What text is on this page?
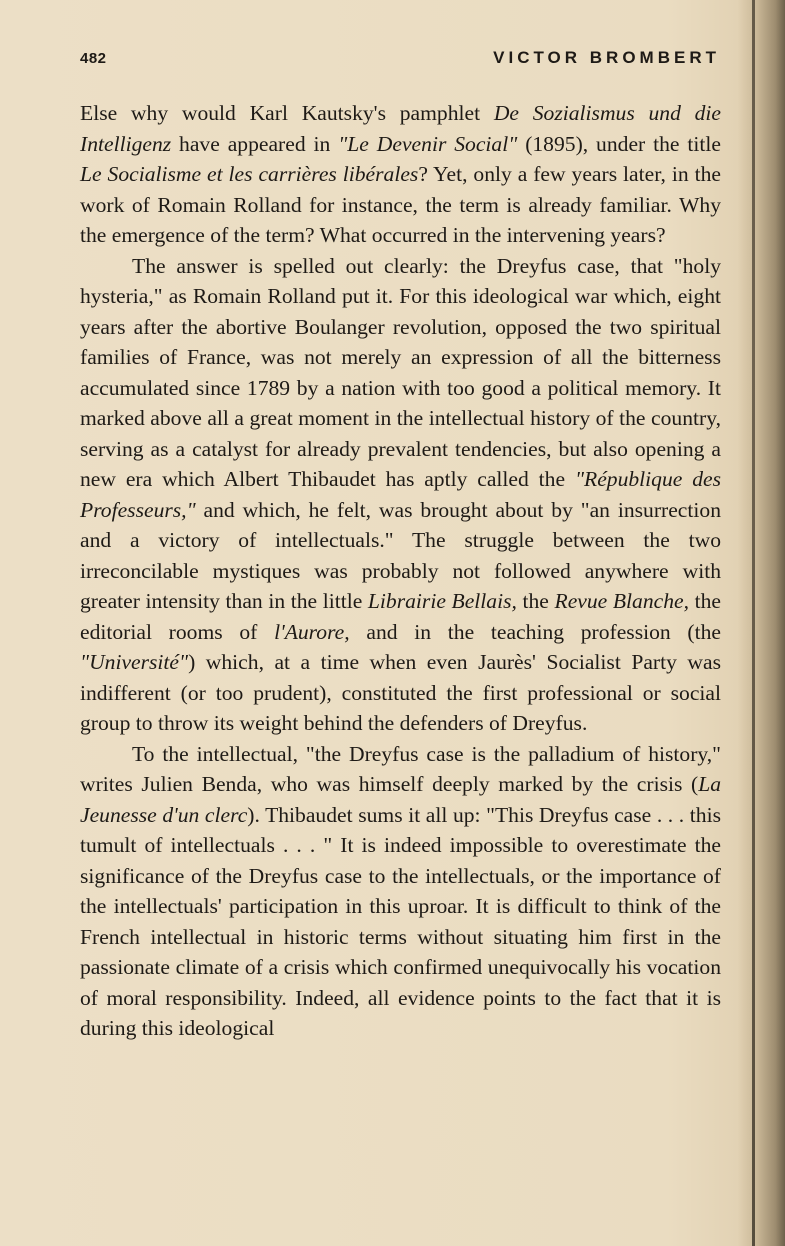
482	VICTOR BROMBERT

Else why would Karl Kautsky's pamphlet De Sozialismus und die Intelligenz have appeared in "Le Devenir Social" (1895), under the title Le Socialisme et les carrières libérales? Yet, only a few years later, in the work of Romain Rolland for instance, the term is already familiar. Why the emergence of the term? What occurred in the intervening years?

The answer is spelled out clearly: the Dreyfus case, that "holy hysteria," as Romain Rolland put it. For this ideological war which, eight years after the abortive Boulanger revolution, opposed the two spiritual families of France, was not merely an expression of all the bitterness accumulated since 1789 by a nation with too good a political memory. It marked above all a great moment in the intellectual history of the country, serving as a catalyst for already prevalent tendencies, but also opening a new era which Albert Thibaudet has aptly called the "République des Professeurs," and which, he felt, was brought about by "an insurrection and a victory of intellectuals." The struggle between the two irreconcilable mystiques was probably not followed anywhere with greater intensity than in the little Librairie Bellais, the Revue Blanche, the editorial rooms of l'Aurore, and in the teaching profession (the "Université") which, at a time when even Jaurès' Socialist Party was indifferent (or too prudent), constituted the first professional or social group to throw its weight behind the defenders of Dreyfus.

To the intellectual, "the Dreyfus case is the palladium of history," writes Julien Benda, who was himself deeply marked by the crisis (La Jeunesse d'un clerc). Thibaudet sums it all up: "This Dreyfus case . . . this tumult of intellectuals . . . " It is indeed impossible to overestimate the significance of the Dreyfus case to the intellectuals, or the importance of the intellectuals' participation in this uproar. It is difficult to think of the French intellectual in historic terms without situating him first in the passionate climate of a crisis which confirmed unequivocally his vocation of moral responsibility. Indeed, all evidence points to the fact that it is during this ideological
